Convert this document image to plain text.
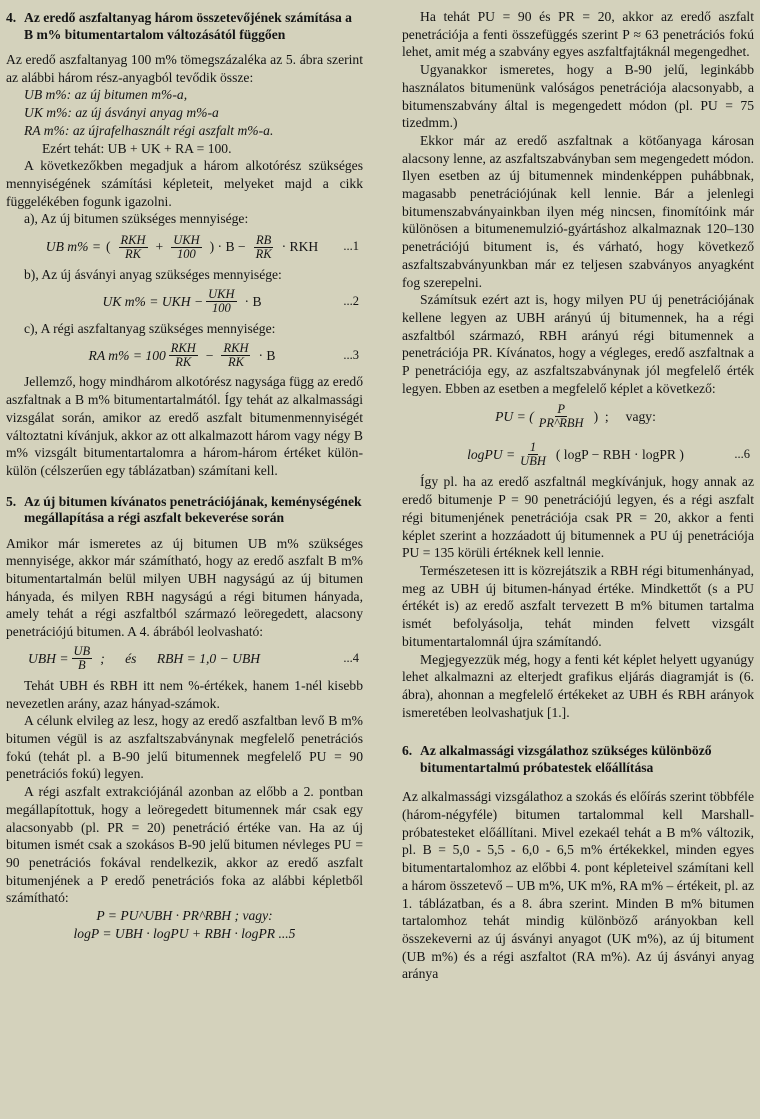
4. Az eredő aszfaltanyag három összetevőjének számítása a B m% bitumentartalom változásától függően

Az eredő aszfaltanyag 100 m% tömegszázaléka az 5. ábra szerint az alábbi három rész-anyagból tevődik össze:

UB m%: az új bitumen m%-a,

UK m%: az új ásványi anyag m%-a

RA m%: az újrafelhasznált régi aszfalt m%-a.

Ezért tehát: UB + UK + RA = 100.

A következőkben megadjuk a három alkotórész szükséges mennyiségének számítási képleteit, melyeket majd a cikk függelékében fogunk igazolni.

a), Az új bitumen szükséges mennyisége:

UB m% = ( $\frac{\text{RKH}}{RK} + \frac{\text{UKH}}{100}$ ) · $B - \frac{RB}{RK}$ · RKH ...1

b), Az új ásványi anyag szükséges mennyisége:

UK m% = UKH − $\frac{\text{UKH}}{100} \cdot B$	...2

c), A régi aszfaltanyag szükséges mennyisége:

RA $m\% = 100 \frac{\text{RKH}}{RK} - \frac{\text{RKH}}{RK} \cdot B$	...3

Jellemző, hogy mindhárom alkotórész nagysága függ az eredő aszfaltnak a B m% bitumentartalmától. Így tehát az alkalmassági vizsgálat során, amikor az eredő aszfalt bitumenmennyiségét változtatni kívánjuk, akkor az ott alkalmazott három vagy négy B m% vizsgált bitumentartalomra a három-három értéket külön-külön (célszerűen egy táblázatban) számítani kell.

5. Az új bitumen kívánatos penetrációjának, keménységének megállapítása a régi aszfalt bekeverése során

Amikor már ismeretes az új bitumen UB m% szükséges mennyisége, akkor már számítható, hogy az eredő aszfalt B m% bitumentartalmán belül milyen UBH nagyságú az új bitumen hányada, és milyen RBH nagyságú a régi bitumen hányada, amely tehát a régi aszfaltból származó leöregedett, alacsony penetrációjú bitumen. A 4. ábrából leolvasható:

UBH = $\frac{UB}{B}$ ;      és      RBH = 1,0 − UBH	...4

Tehát UBH és RBH itt nem %-értékek, hanem 1-nél kisebb nevezetlen arány, azaz hányad-számok.

A célunk elvileg az lesz, hogy az eredő aszfaltban levő B m% bitumen végül is az aszfaltszabványnak megfelelő penetrációs fokú (tehát pl. a B-90 jelű bitumennek megfelelő PU = 90 penetrációs fokú) legyen.

A régi aszfalt extrakciójánál azonban az előbb a 2. pontban megállapítottuk, hogy a leöregedett bitumennek már csak egy alacsonyabb (pl. PR = 20) penetráció értéke van. Ha az új bitumen ismét csak a szokásos B-90 jelű bitumen névleges PU = 90 penetrációs fokával rendelkezik, akkor az eredő aszfalt bitumenjének a P eredő penetrációs foka az alábbi képletből számítható:

P = PU^UBH · PR^RBH ; vagy:

logP = UBH · logPU + RBH · logPR ...5

Ha tehát PU = 90 és PR = 20, akkor az eredő aszfalt penetrációja a fenti összefüggés szerint P ≈ 63 penetrációs fokú lehet, amit még a szabvány egyes aszfaltfajtáknál megengedhet.

Ugyanakkor ismeretes, hogy a B-90 jelű, leginkább használatos bitumenünk valóságos penetrációja alacsonyabb, a bitumenszabvány által is megengedett módon (pl. PU = 75 tizedmm.)

Ekkor már az eredő aszfaltnak a kötőanyaga károsan alacsony lenne, az aszfaltszabványban sem megengedett módon. Ilyen esetben az új bitumennek mindenképpen puhábbnak, magasabb penetrációjúnak kell lennie. Bár a jelenlegi bitumenszabványainkban ilyen még nincsen, finomítóink már különösen a bitumenemulzió-gyártáshoz alkalmaznak 120–130 penetrációjú bitument is, és várható, hogy következő aszfaltszabványunkban már ez teljesen szabványos anyagként fog szerepelni.

Számítsuk ezért azt is, hogy milyen PU új penetrációjának kellene legyen az UBH arányú új bitumennek, ha a régi aszfaltból származó, RBH arányú régi bitumennek a penetrációja PR. Kívánatos, hogy a végleges, eredő aszfaltnak a P penetrációja egy, az aszfaltszabványnak jól megfelelő érték legyen. Ebben az esetben a megfelelő képlet a következő:

PU = ( $\frac{P}{\text{PR\textasciicircum{}RBH}}$ )  ;     vagy:
logPU = $\frac{1}{\text{UBH}}$ ( logP − RBH · logPR )	...6

Így pl. ha az eredő aszfaltnál megkívánjuk, hogy annak az eredő bitumenje P = 90 penetrációjú legyen, és a régi aszfalt régi bitumenjének penetrációja csak PR = 20, akkor a fenti képlet szerint a hozzáadott új bitumennek a PU új penetrációja PU = 135 körüli értéknek kell lennie.

Természetesen itt is közrejátszik a RBH régi bitumenhányad, meg az UBH új bitumen-hányad értéke. Mindkettőt (s a PU értékét is) az eredő aszfalt tervezett B m% bitumen tartalma ismét befolyásolja, tehát minden felvett vizsgált bitumentartalomnál újra számítandó.

Megjegyezzük még, hogy a fenti két képlet helyett ugyanúgy lehet alkalmazni az elterjedt grafikus eljárás diagramját is (6. ábra), ahonnan a megfelelő értékeket az UBH és RBH arányok ismeretében leolvashatjuk [1.].

6. Az alkalmassági vizsgálathoz szükséges különböző bitumentartalmú próbatestek előállítása

Az alkalmassági vizsgálathoz a szokás és előírás szerint többféle (három-négyféle) bitumen tartalommal kell Marshall-próbatesteket előállítani. Mivel ezekaél tehát a B m% változik, pl. B = 5,0 - 5,5 - 6,0 - 6,5 m% értékekkel, minden egyes bitumentartalomhoz az előbbi 4. pont képleteivel számítani kell a három összetevő – UB m%, UK m%, RA m% – értékeit, pl. az 1. táblázatban, és a 8. ábra szerint. Minden B m% bitumen tartalomhoz tehát mindig különböző arányokban kell összekeverni az új ásványi anyagot (UK m%), az új bitument (UB m%) és a régi aszfaltot (RA m%). Az új ásványi anyag aránya
